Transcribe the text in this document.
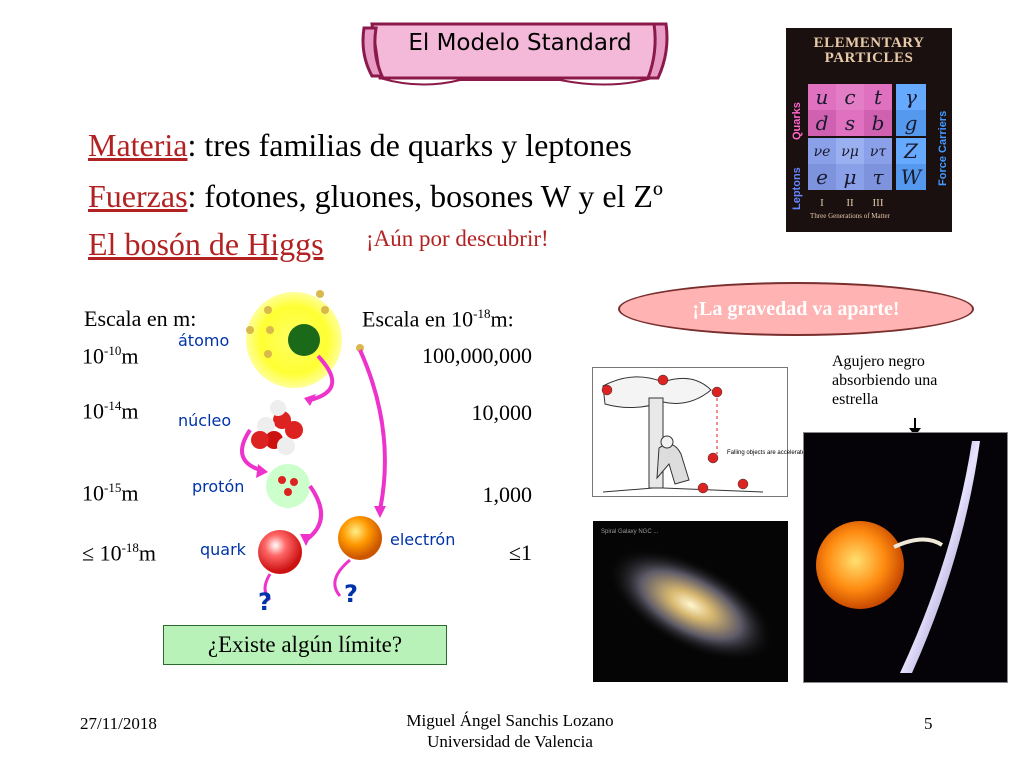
El Modelo Standard
Materia: tres familias de quarks y leptones
Fuerzas: fotones, gluones, bosones W y el Zº
El bosón de Higgs ¡Aún por descubrir!
ELEMENTARY
PARTICLES
Quarks
Leptons
Force Carriers
u c t γ
d s b g
νe νμ ντ Z
e μ τ W
I II III
Three Generations of Matter
Escala en m:	Escala en $10^{-18}m$:
$10^{-10}m$
$10^{-14}m$
$10^{-15}m$
≤ $10^{-18}m$
100,000,000
10,000
1,000
≤1
átomo
núcleo
protón
quark
electrón
?	?
¿Existe algún límite?
¡La gravedad va aparte!
Agujero negro
absorbiendo una
estrella
Falling objects are accelerated
Spiral Galaxy NGC ...
27/11/2018	Miguel Ángel Sanchis Lozano
Universidad de Valencia
5
